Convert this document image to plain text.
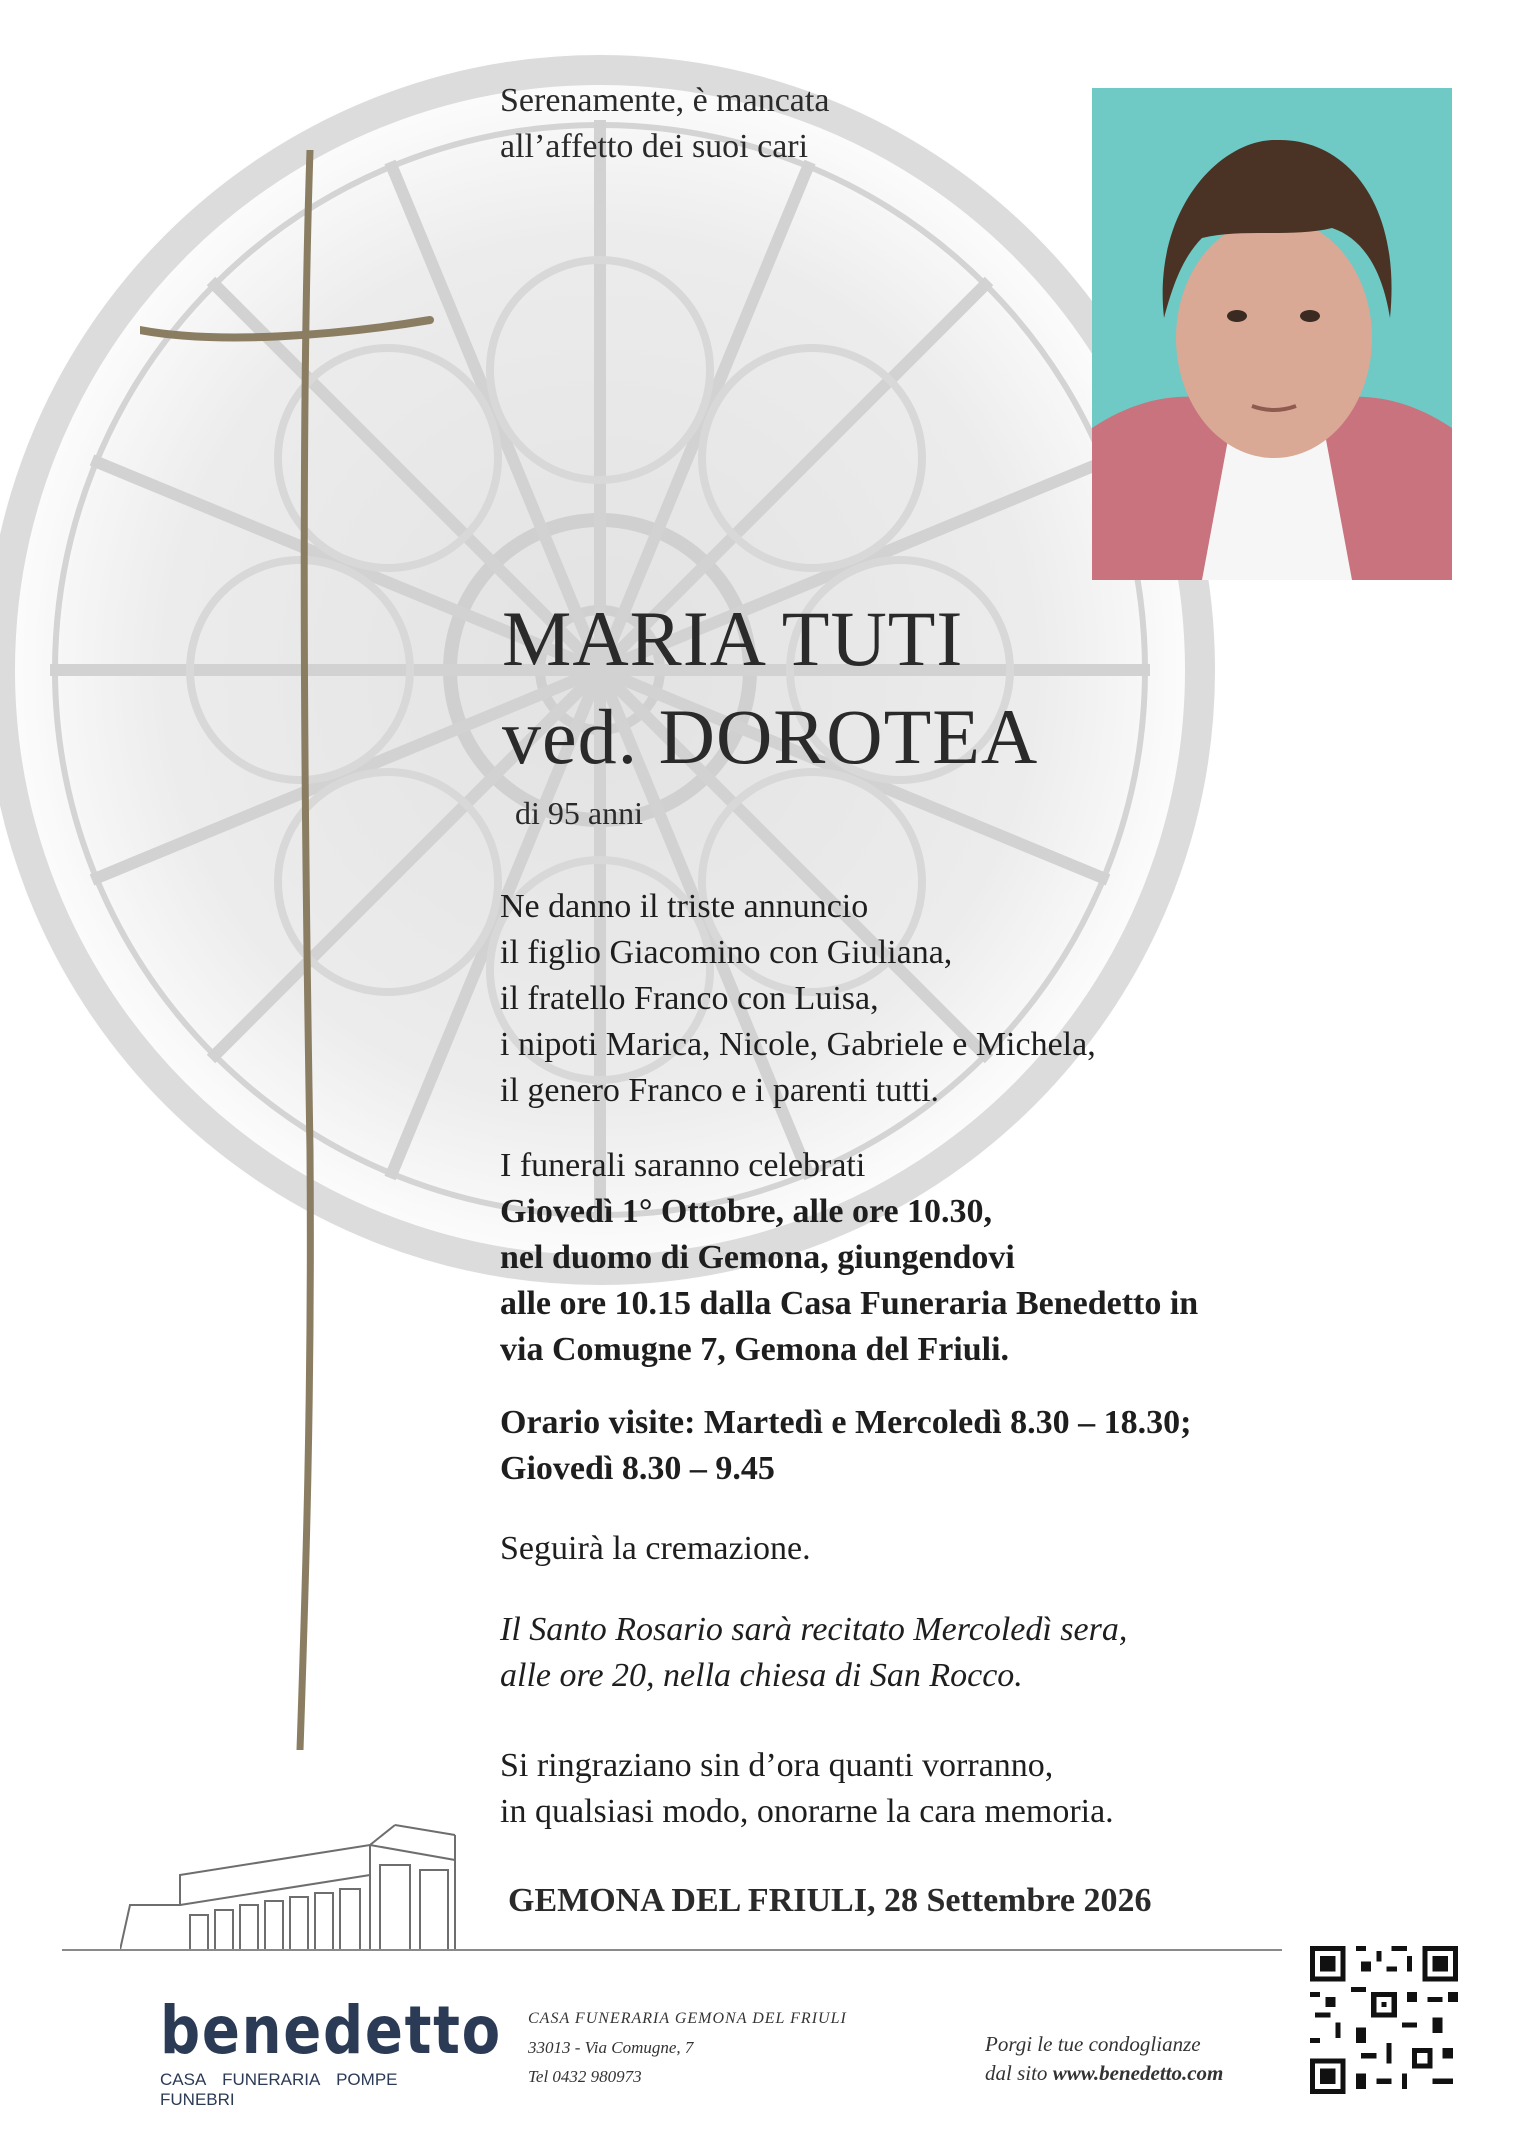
Serenamente, è mancata
all’affetto dei suoi cari
MARIA TUTI
ved. DOROTEA
di 95 anni
Ne danno il triste annuncio
il figlio Giacomino con Giuliana,
il fratello Franco con Luisa,
i nipoti Marica, Nicole, Gabriele e Michela,
il genero Franco e i parenti tutti.
I funerali saranno celebrati
Giovedì 1° Ottobre, alle ore 10.30,
nel duomo di Gemona, giungendovi
alle ore 10.15 dalla Casa Funeraria Benedetto in
via Comugne 7, Gemona del Friuli.
Orario visite: Martedì e Mercoledì 8.30 – 18.30;
Giovedì 8.30 – 9.45
Seguirà la cremazione.
Il Santo Rosario sarà recitato Mercoledì sera,
alle ore 20, nella chiesa di San Rocco.
Si ringraziano sin d’ora quanti vorranno,
in qualsiasi modo, onorarne la cara memoria.
GEMONA DEL FRIULI, 28 Settembre 2026
benedetto
CASA FUNERARIA POMPE FUNEBRI
CASA FUNERARIA GEMONA DEL FRIULI
33013 - Via Comugne, 7
Tel 0432 980973
Porgi le tue condoglianze
dal sito www.benedetto.com
